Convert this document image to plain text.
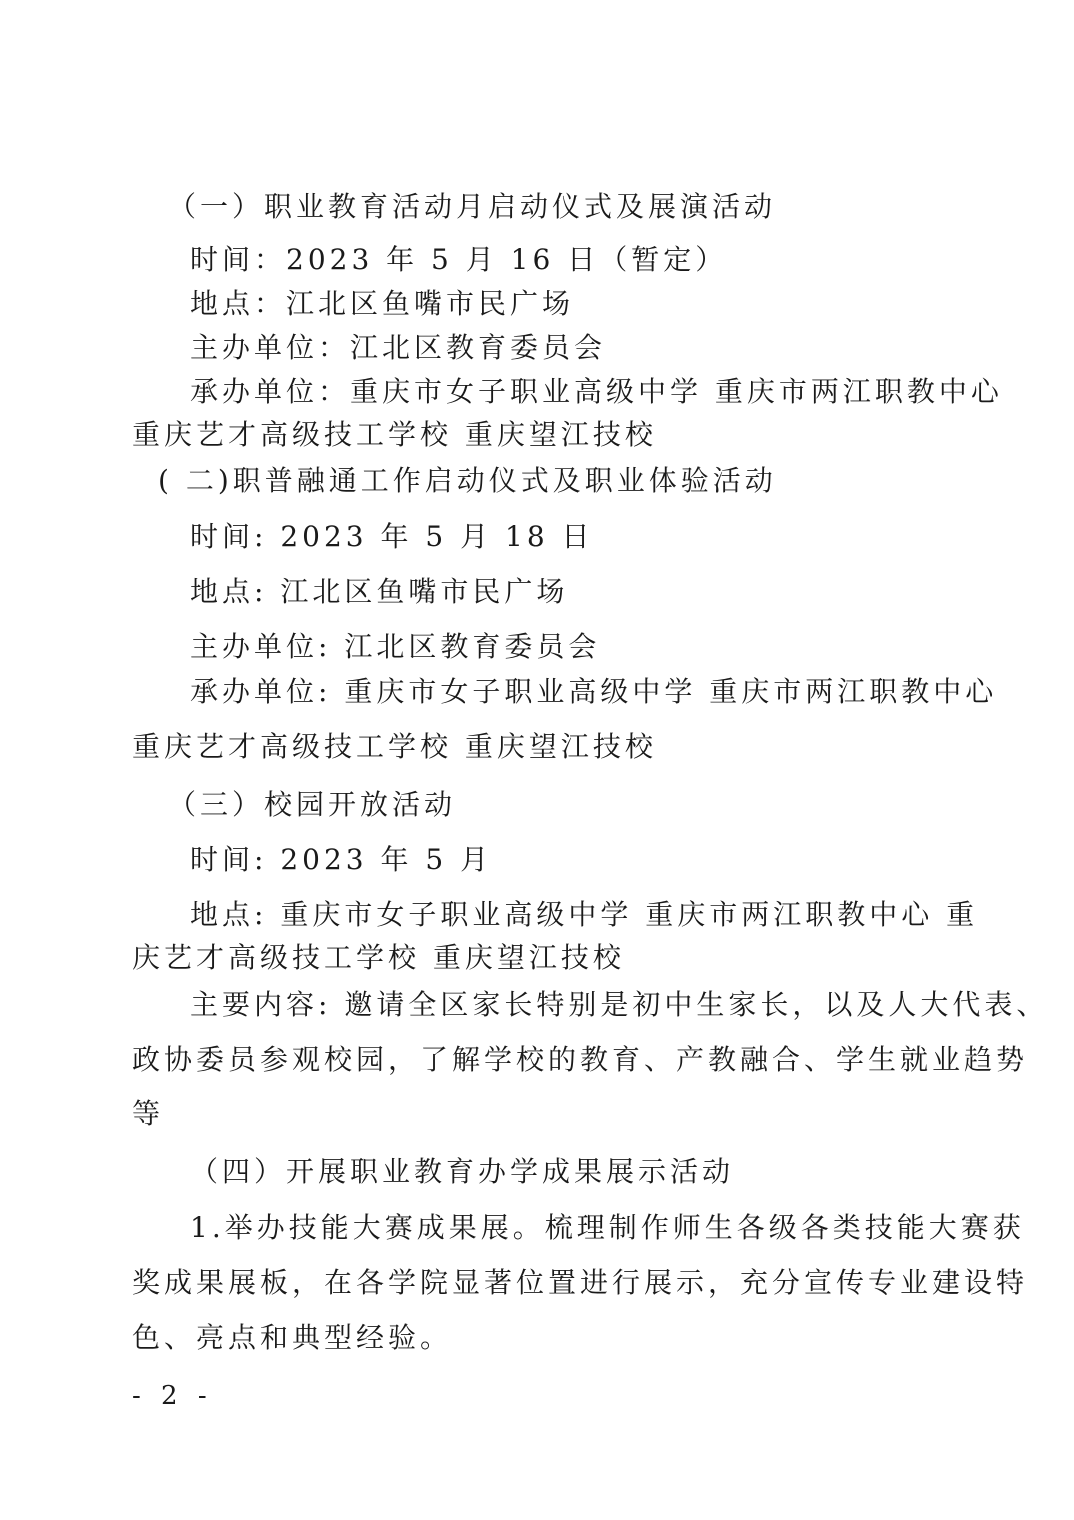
（一）职业教育活动月启动仪式及展演活动
时间：2023 年 5 月 16 日（暂定）
地点：江北区鱼嘴市民广场
主办单位：江北区教育委员会
承办单位：重庆市女子职业高级中学 重庆市两江职教中心
重庆艺才高级技工学校 重庆望江技校
( 二)职普融通工作启动仪式及职业体验活动
时间: 2023 年 5 月 18 日
地点: 江北区鱼嘴市民广场
主办单位: 江北区教育委员会
承办单位: 重庆市女子职业高级中学 重庆市两江职教中心
重庆艺才高级技工学校 重庆望江技校
（三）校园开放活动
时间: 2023 年 5 月
地点: 重庆市女子职业高级中学 重庆市两江职教中心 重
庆艺才高级技工学校 重庆望江技校
主要内容: 邀请全区家长特别是初中生家长，以及人大代表、
政协委员参观校园，了解学校的教育、产教融合、学生就业趋势
等
（四）开展职业教育办学成果展示活动
1.举办技能大赛成果展。梳理制作师生各级各类技能大赛获
奖成果展板，在各学院显著位置进行展示，充分宣传专业建设特
色、亮点和典型经验。
- 2 -
